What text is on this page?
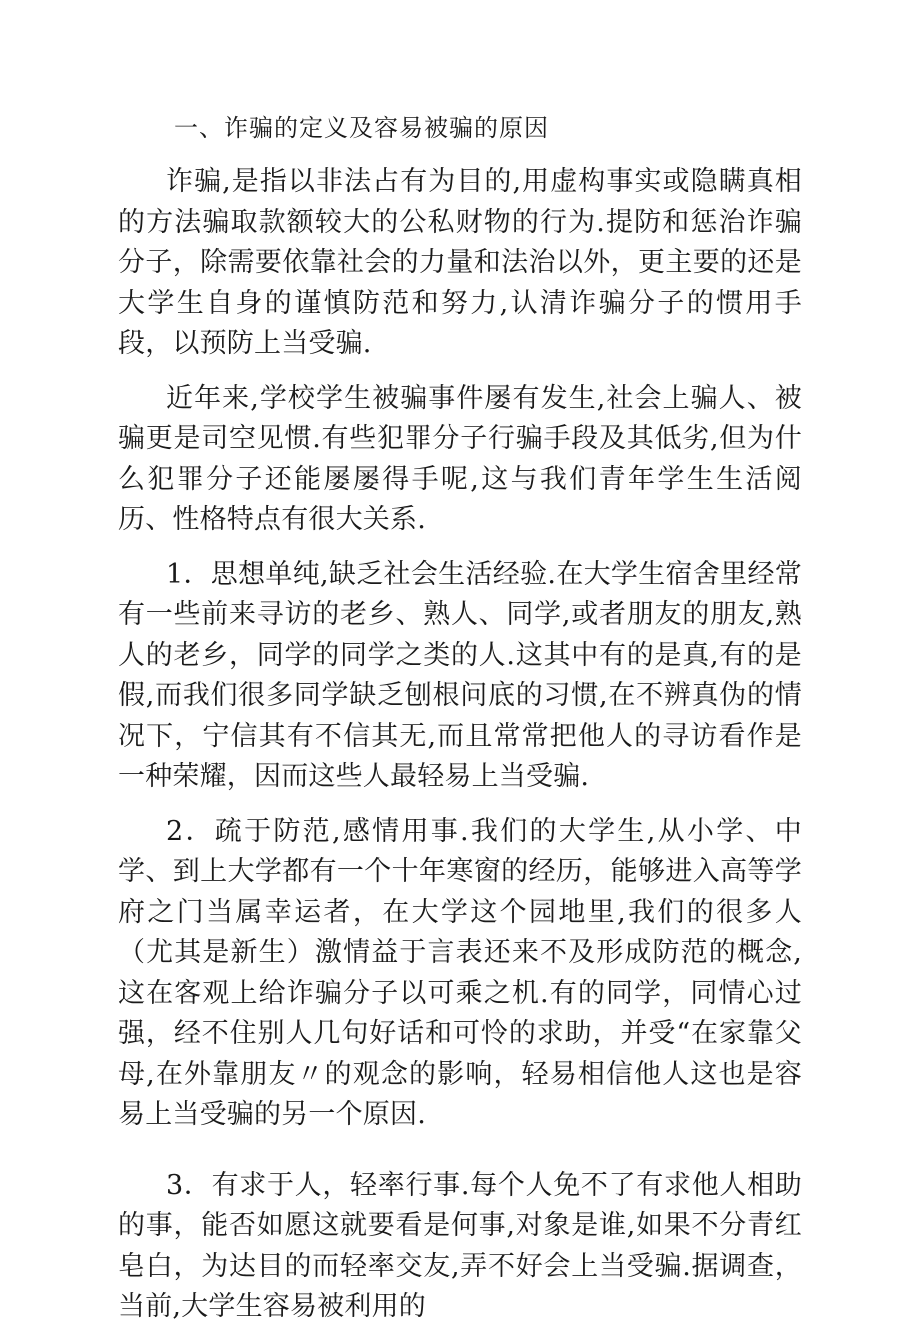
一、诈骗的定义及容易被骗的原因

诈骗,是指以非法占有为目的,用虚构事实或隐瞒真相的方法骗取款额较大的公私财物的行为.提防和惩治诈骗分子，除需要依靠社会的力量和法治以外，更主要的还是大学生自身的谨慎防范和努力,认清诈骗分子的惯用手段，以预防上当受骗.

近年来,学校学生被骗事件屡有发生,社会上骗人、被骗更是司空见惯.有些犯罪分子行骗手段及其低劣,但为什么犯罪分子还能屡屡得手呢,这与我们青年学生生活阅历、性格特点有很大关系.

1．思想单纯,缺乏社会生活经验.在大学生宿舍里经常有一些前来寻访的老乡、熟人、同学,或者朋友的朋友,熟人的老乡，同学的同学之类的人.这其中有的是真,有的是假,而我们很多同学缺乏刨根问底的习惯,在不辨真伪的情况下，宁信其有不信其无,而且常常把他人的寻访看作是一种荣耀，因而这些人最轻易上当受骗.

2．疏于防范,感情用事.我们的大学生,从小学、中学、到上大学都有一个十年寒窗的经历，能够进入高等学府之门当属幸运者，在大学这个园地里,我们的很多人（尤其是新生）激情益于言表还来不及形成防范的概念,这在客观上给诈骗分子以可乘之机.有的同学，同情心过强，经不住别人几句好话和可怜的求助，并受“在家靠父母,在外靠朋友〃的观念的影响，轻易相信他人这也是容易上当受骗的另一个原因.

3．有求于人，轻率行事.每个人免不了有求他人相助的事，能否如愿这就要看是何事,对象是谁,如果不分青红皂白，为达目的而轻率交友,弄不好会上当受骗.据调查，当前,大学生容易被利用的
